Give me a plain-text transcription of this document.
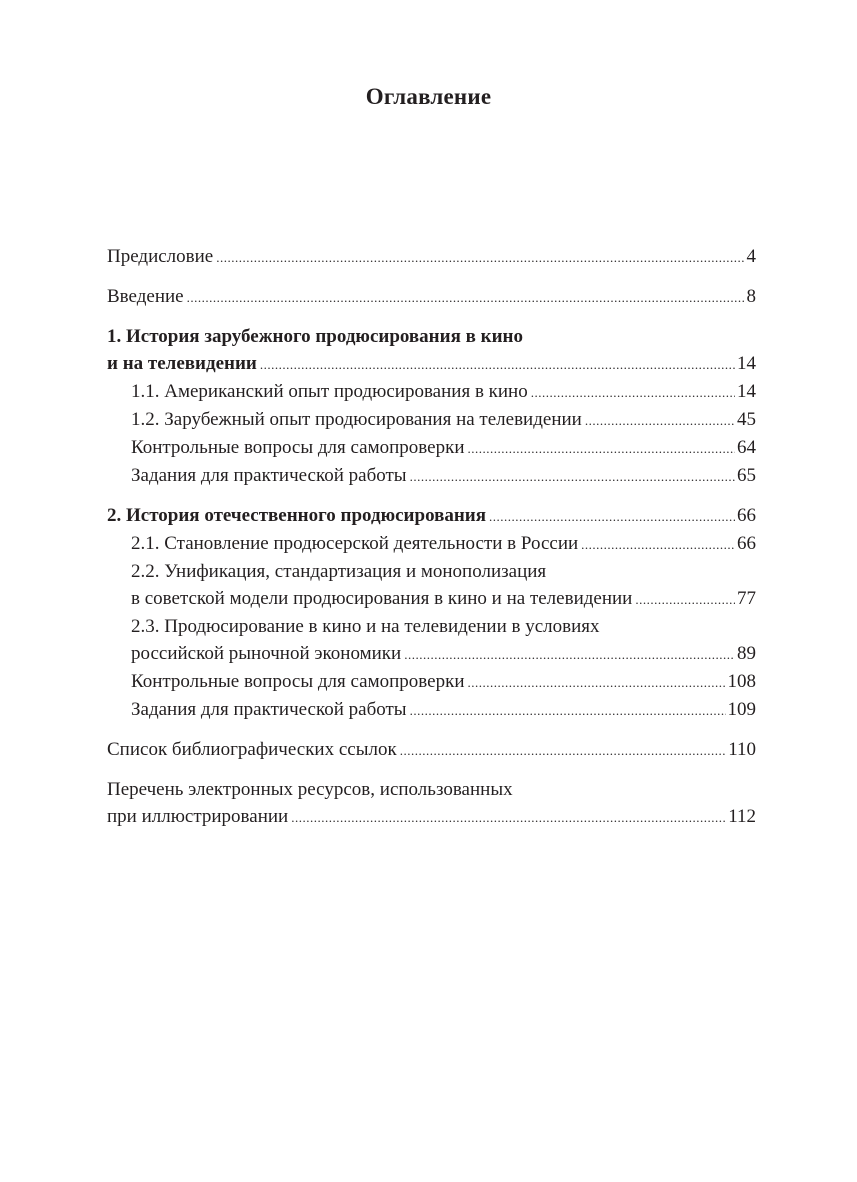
Оглавление
Предисловие .....	4
Введение .....	8
1. История зарубежного продюсирования в кино
и на телевидении .....	14
1.1. Американский опыт продюсирования в кино .....	14
1.2. Зарубежный опыт продюсирования на телевидении .....	45
Контрольные вопросы для самопроверки .....	64
Задания для практической работы .....	65
2. История отечественного продюсирования .....	66
2.1. Становление продюсерской деятельности в России .....	66
2.2. Унификация, стандартизация и монополизация
в советской модели продюсирования в кино и на телевидении .....	77
2.3. Продюсирование в кино и на телевидении в условиях
российской рыночной экономики .....	89
Контрольные вопросы для самопроверки .....	108
Задания для практической работы .....	109
Список библиографических ссылок .....	110
Перечень электронных ресурсов, использованных
при иллюстрировании .....	112
